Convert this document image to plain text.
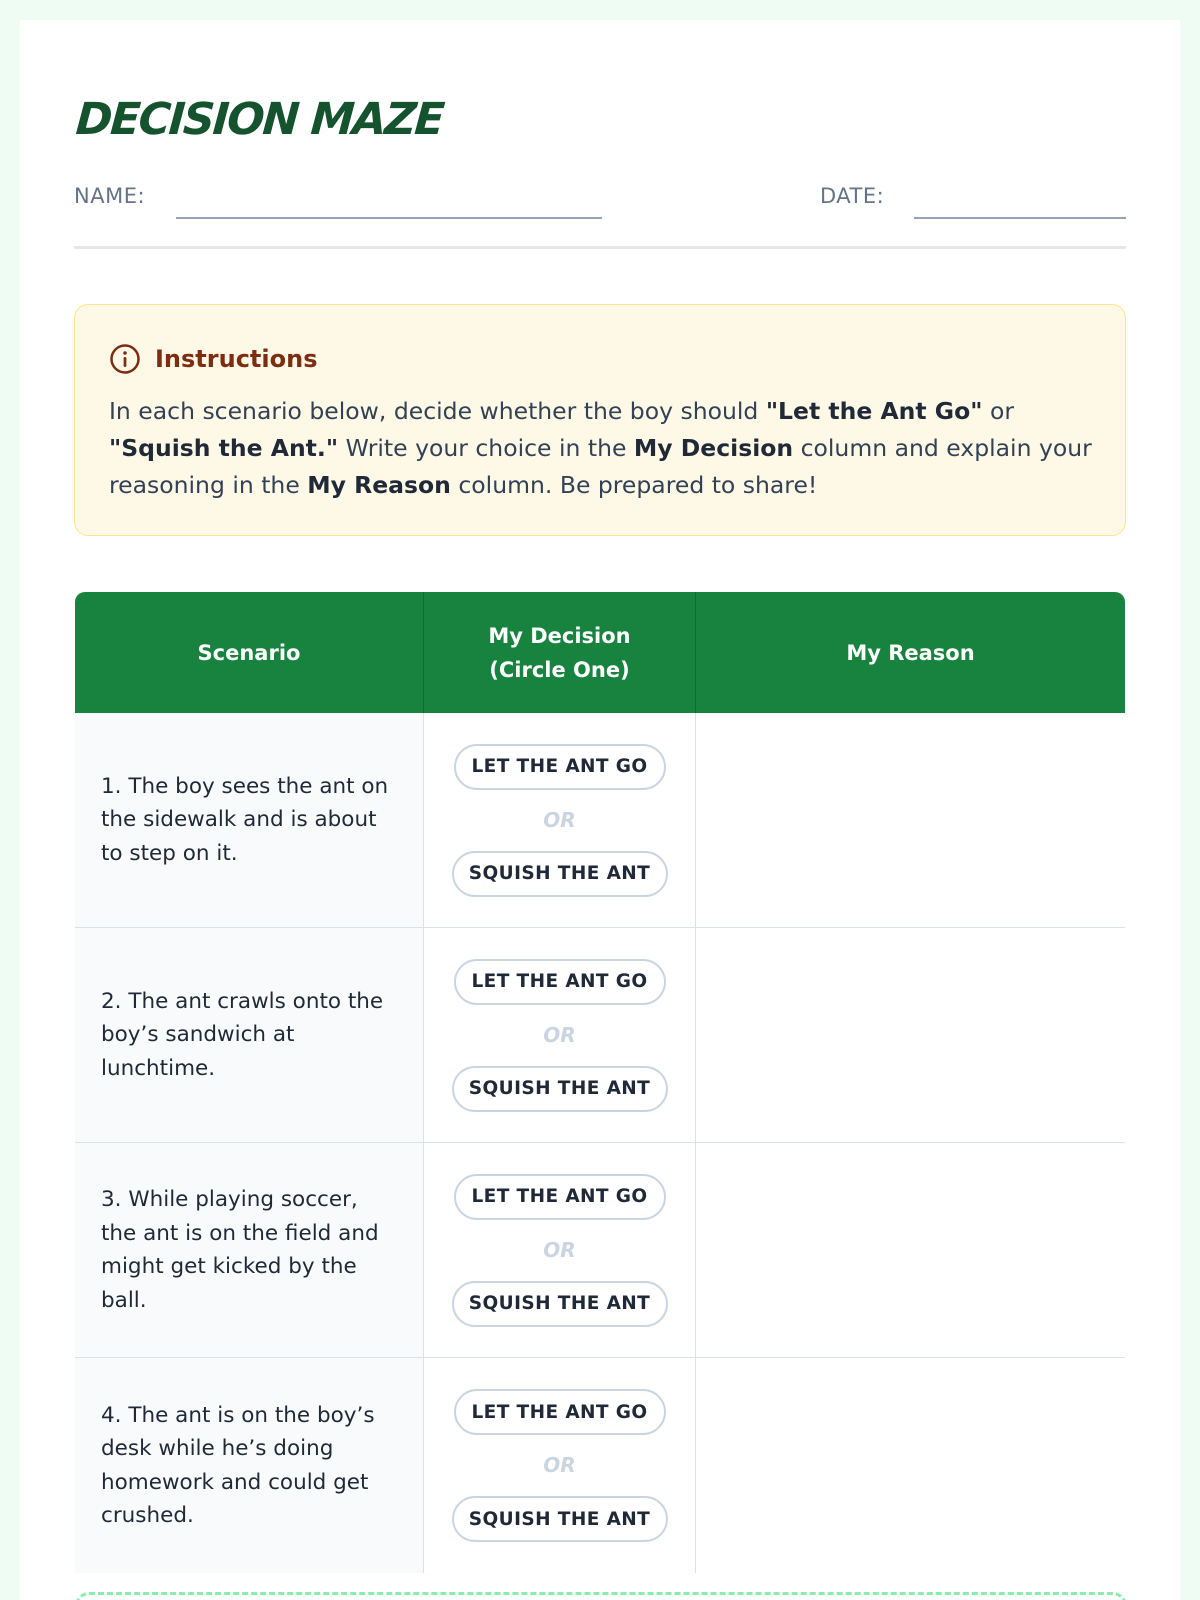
DECISION MAZE
NAME:	DATE:
Instructions

In each scenario below, decide whether the boy should "Let the Ant Go" or "Squish the Ant." Write your choice in the My Decision column and explain your reasoning in the My Reason column. Be prepared to share!

Scenario
My Decision (Circle One)
My Reason
1. The boy sees the ant on the sidewalk and is about to step on it.
LET THE ANT GO
OR
SQUISH THE ANT
2. The ant crawls onto the boy’s sandwich at lunchtime.
LET THE ANT GO
OR
SQUISH THE ANT
3. While playing soccer, the ant is on the field and might get kicked by the ball.
LET THE ANT GO
OR
SQUISH THE ANT
4. The ant is on the boy’s desk while he’s doing homework and could get crushed.
LET THE ANT GO
OR
SQUISH THE ANT
